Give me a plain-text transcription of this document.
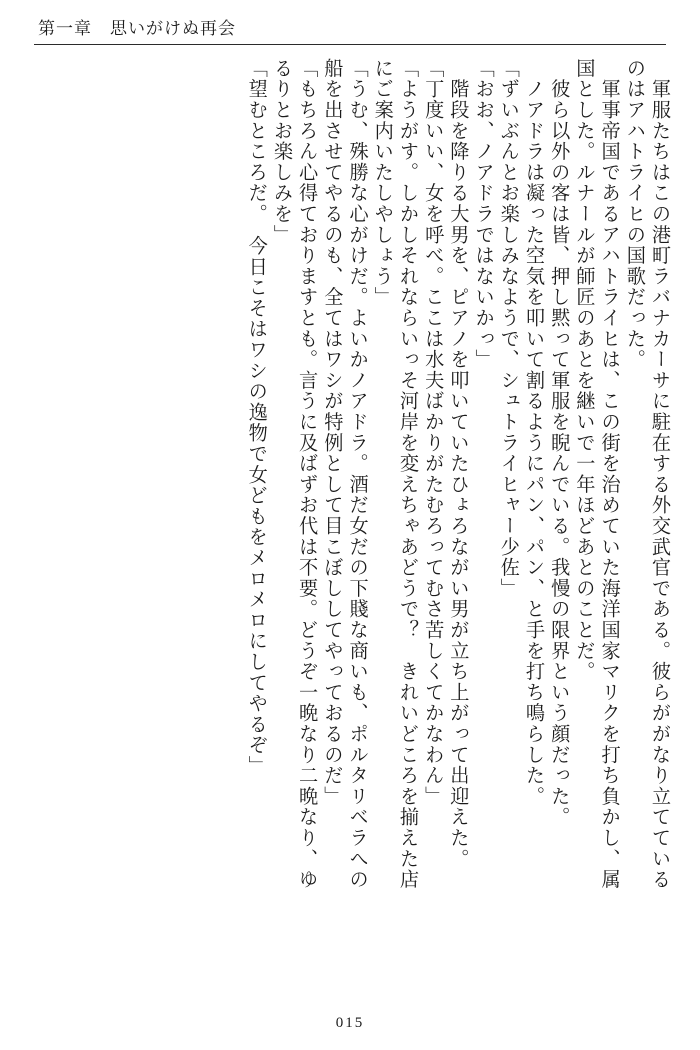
第一章　思いがけぬ再会
　軍服たちはこの港町ラバナカーサに駐在する外交武官である。彼らががなり立てている
のはアハトライヒの国歌だった。
　軍事帝国であるアハトライヒは、この街を治めていた海洋国家マリクを打ち負かし、属
国とした。ルナールが師匠のあとを継いで一年ほどあとのことだ。
　彼ら以外の客は皆、押し黙って軍服を睨んでいる。我慢の限界という顔だった。
　ノアドラは凝った空気を叩いて割るようにパン、パン、と手を打ち鳴らした。
「ずいぶんとお楽しみなようで、シュトライヒャー少佐」
「おお、ノアドラではないかっ」
　階段を降りる大男を、ピアノを叩いていたひょろながい男が立ち上がって出迎えた。
「丁度いい、女を呼べ。ここは水夫ばかりがたむろってむさ苦しくてかなわん」
「ようがす。しかしそれならいっそ河岸を変えちゃあどうで？　きれいどころを揃えた店
にご案内いたしやしょう」
「うむ、殊勝な心がけだ。よいかノアドラ。酒だ女だの下賤な商いも、ポルタリベラへの
船を出させてやるのも、全てはワシが特例として目こぼししてやっておるのだ」
「もちろん心得ておりますとも。言うに及ばずお代は不要。どうぞ一晩なり二晩なり、ゆ
るりとお楽しみを」
「望むところだ。　今日こそはワシの逸物で女どもをメロメロにしてやるぞ」
015
